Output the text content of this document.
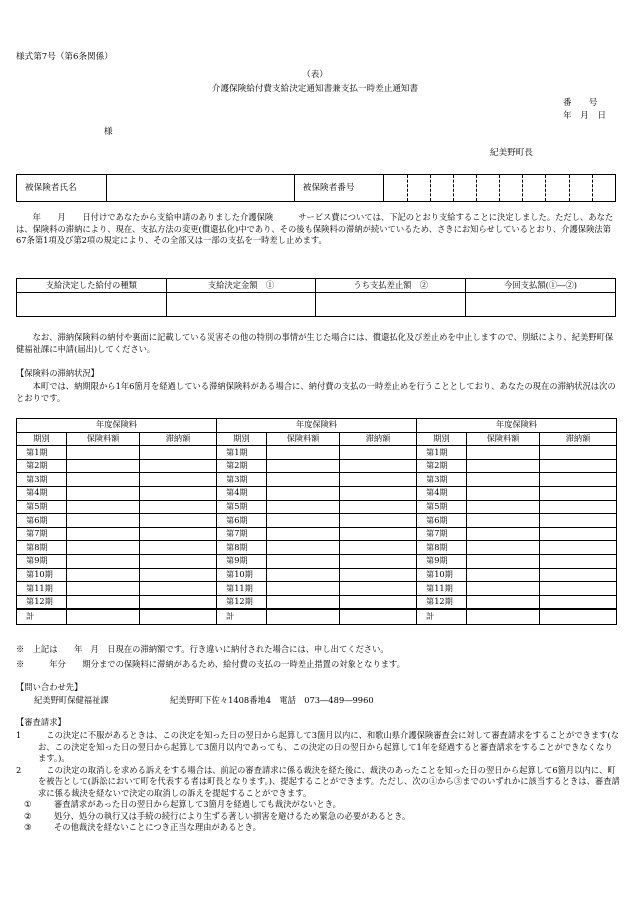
様式第7号（第6条関係）
（表）
介護保険給付費支給決定通知書兼支払一時差止通知書
番　　号
年　月　日
様
紀美野町長
被保険者氏名		被保険者番号										
年　　月　　日付けであなたから支給申請のありました介護保険　　　サービス費については、下記のとおり支給することに決定しました。ただし、あなたは、保険料の滞納により、現在、支払方法の変更(償還払化)中であり、その後も保険料の滞納が続いているため、さきにお知らせしているとおり、介護保険法第67条第1項及び第2項の規定により、その全部又は一部の支払を一時差し止めます。
支給決定した給付の種類	支給決定金額　①	うち支払差止額　②	今回支払額(①―②)

なお、滞納保険料の納付や裏面に記載している災害その他の特別の事情が生じた場合には、償還払化及び差止めを中止しますので、別紙により、紀美野町保健福祉課に申請(届出)してください。
【保険料の滞納状況】
本町では、納期限から1年6箇月を経過している滞納保険料がある場合に、納付費の支払の一時差止めを行うこととしており、あなたの現在の滞納状況は次のとおりです。
年度保険料			年度保険料			年度保険料		
期別	保険料額	滞納額	期別	保険料額	滞納額	期別	保険料額	滞納額
第1期			第1期			第1期		
第2期			第2期			第2期		
第3期			第3期			第3期		
第4期			第4期			第4期		
第5期			第5期			第5期		
第6期			第6期			第6期		
第7期			第7期			第7期		
第8期			第8期			第8期		
第9期			第9期			第9期		
第10期			第10期			第10期		
第11期			第11期			第11期		
第12期			第12期			第12期		
計			計			計		
※　上記は　　年　月　日現在の滞納額です。行き違いに納付された場合には、申し出てください。
※　　　年分　　期分までの保険料に滞納があるため、給付費の支払の一時差止措置の対象となります。
【問い合わせ先】
紀美野町保健福祉課	紀美野町下佐々1408番地4　電話　073―489―9960
【審査請求】
1	この決定に不服があるときは、この決定を知った日の翌日から起算して3箇月以内に、和歌山県介護保険審査会に対して審査請求をすることができます(なお、この決定を知った日の翌日から起算して3箇月以内であっても、この決定の日の翌日から起算して1年を経過すると審査請求をすることができなくなります。)。
2	この決定の取消しを求める訴えをする場合は、前記の審査請求に係る裁決を経た後に、裁決のあったことを知った日の翌日から起算して6箇月以内に、町を被告として(訴訟において町を代表する者は町長となります。)、提起することができます。ただし、次の①から③までのいずれかに該当するときは、審査請求に係る裁決を経ないで決定の取消しの訴えを提起することができます。
①	審査請求があった日の翌日から起算して3箇月を経過しても裁決がないとき。
②	処分、処分の執行又は手続の続行により生ずる著しい損害を避けるため緊急の必要があるとき。
③	その他裁決を経ないことにつき正当な理由があるとき。
